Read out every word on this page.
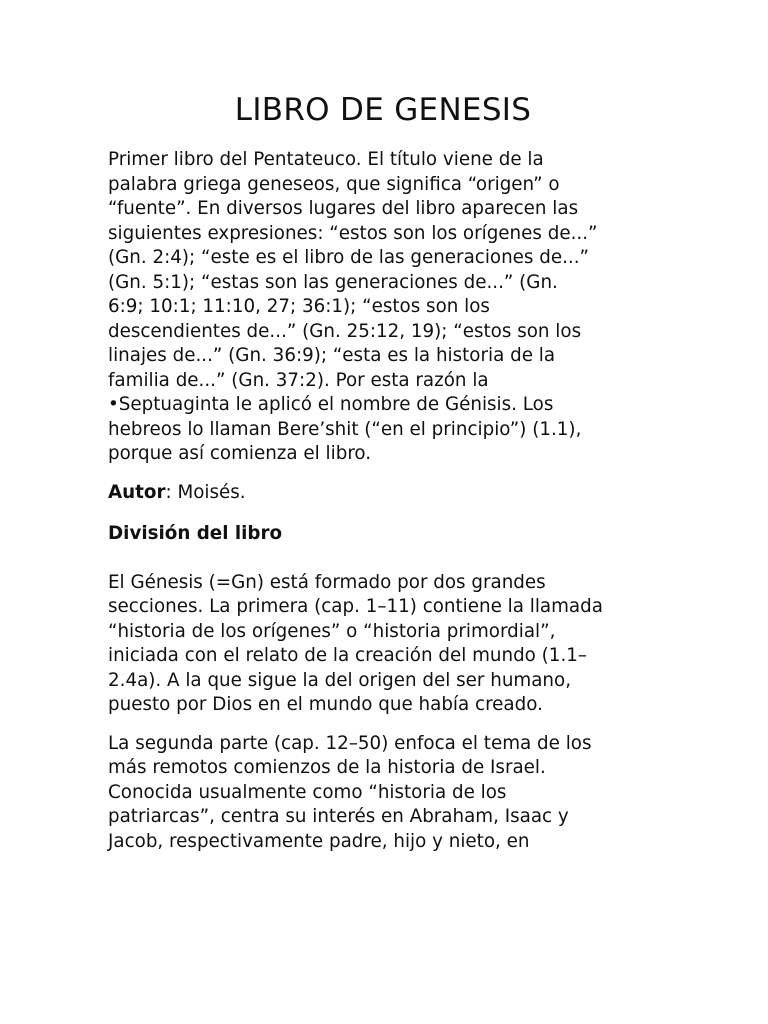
LIBRO DE GENESIS

Primer libro del Pentateuco. El título viene de la
palabra griega geneseos, que significa “origen” o
“fuente”. En diversos lugares del libro aparecen las
siguientes expresiones: “estos son los orígenes de...”
(Gn. 2:4); “este es el libro de las generaciones de...”
(Gn. 5:1); “estas son las generaciones de...” (Gn.
6:9; 10:1; 11:10, 27; 36:1); “estos son los
descendientes de...” (Gn. 25:12, 19); “estos son los
linajes de...” (Gn. 36:9); “esta es la historia de la
familia de...” (Gn. 37:2). Por esta razón la
•Septuaginta le aplicó el nombre de Génisis. Los
hebreos lo llaman Bere’shit (“en el principio”) (1.1),
porque así comienza el libro.

Autor: Moisés.

División del libro

El Génesis (=Gn) está formado por dos grandes
secciones. La primera (cap. 1–11) contiene la llamada
“historia de los orígenes” o “historia primordial”,
iniciada con el relato de la creación del mundo (1.1–
2.4a). A la que sigue la del origen del ser humano,
puesto por Dios en el mundo que había creado.

La segunda parte (cap. 12–50) enfoca el tema de los
más remotos comienzos de la historia de Israel.
Conocida usualmente como “historia de los
patriarcas”, centra su interés en Abraham, Isaac y
Jacob, respectivamente padre, hijo y nieto, en
